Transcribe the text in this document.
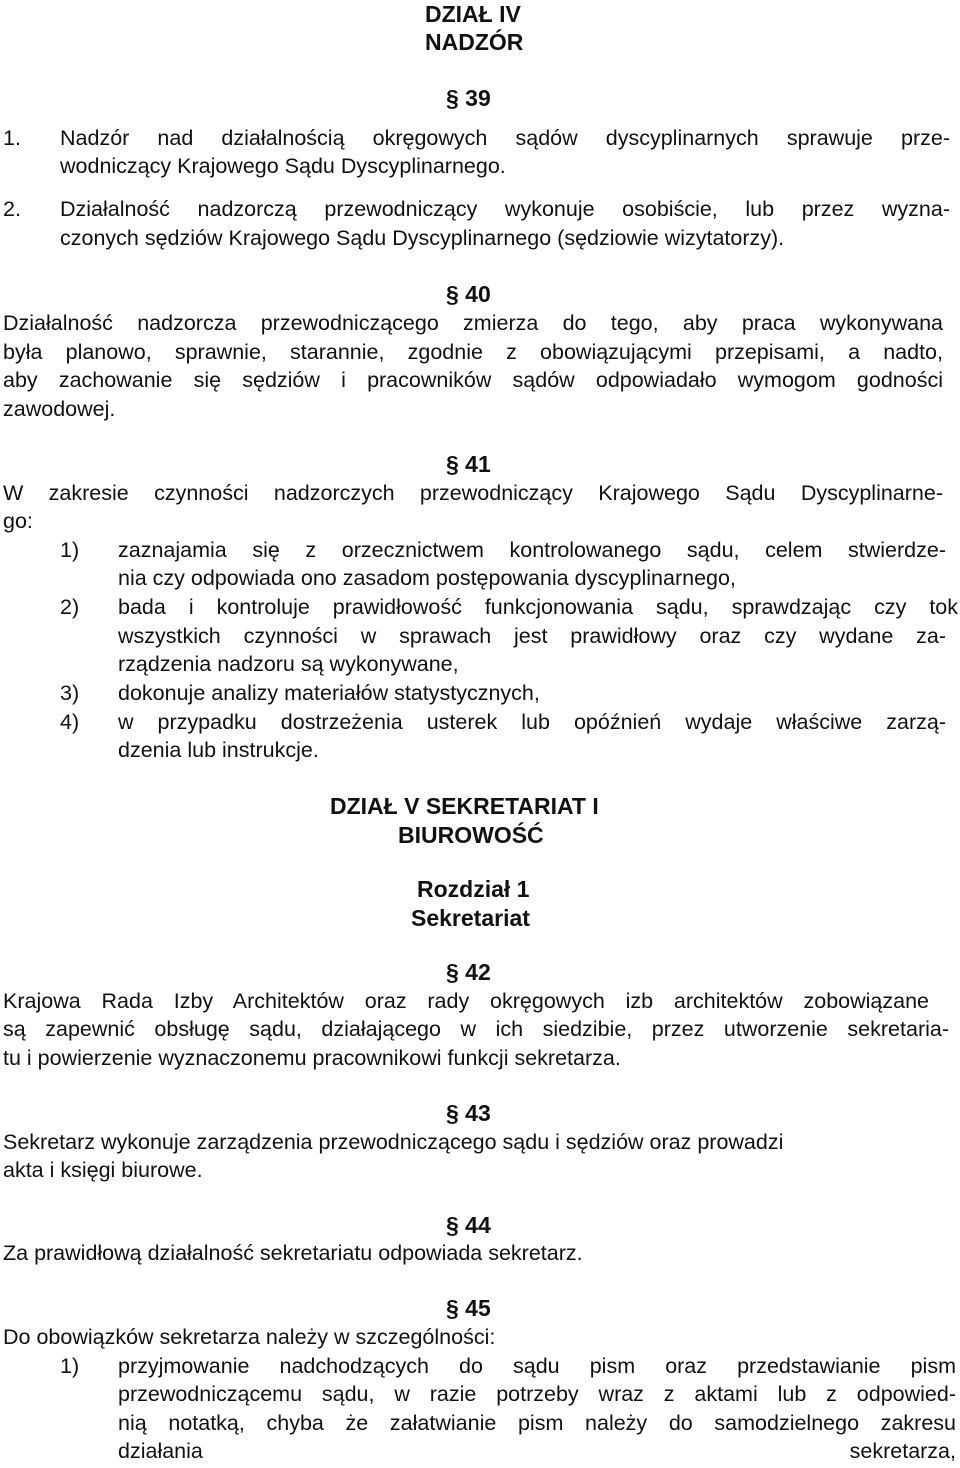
DZIAŁ IV
NADZÓR
§ 39
1. Nadzór nad działalnością okręgowych sądów dyscyplinarnych sprawuje prze-
wodniczący Krajowego Sądu Dyscyplinarnego.
2. Działalność nadzorczą przewodniczący wykonuje osobiście, lub przez wyzna-
czonych sędziów Krajowego Sądu Dyscyplinarnego (sędziowie wizytatorzy).
§ 40
Działalność nadzorcza przewodniczącego zmierza do tego, aby praca wykonywana
była planowo, sprawnie, starannie, zgodnie z obowiązującymi przepisami, a nadto,
aby zachowanie się sędziów i pracowników sądów odpowiadało wymogom godności
zawodowej.
§ 41
W zakresie czynności nadzorczych przewodniczący Krajowego Sądu Dyscyplinarne-
go:
1) zaznajamia się z orzecznictwem kontrolowanego sądu, celem stwierdze-
nia czy odpowiada ono zasadom postępowania dyscyplinarnego,
2) bada i kontroluje prawidłowość funkcjonowania sądu, sprawdzając czy tok
wszystkich czynności w sprawach jest prawidłowy oraz czy wydane za-
rządzenia nadzoru są wykonywane,
3) dokonuje analizy materiałów statystycznych,
4) w przypadku dostrzeżenia usterek lub opóźnień wydaje właściwe zarzą-
dzenia lub instrukcje.
DZIAŁ V SEKRETARIAT I
BIUROWOŚĆ
Rozdział 1
Sekretariat
§ 42
Krajowa Rada Izby Architektów oraz rady okręgowych izb architektów zobowiązane
są zapewnić obsługę sądu, działającego w ich siedzibie, przez utworzenie sekretaria-
tu i powierzenie wyznaczonemu pracownikowi funkcji sekretarza.
§ 43
Sekretarz wykonuje zarządzenia przewodniczącego sądu i sędziów oraz prowadzi
akta i księgi biurowe.
§ 44
Za prawidłową działalność sekretariatu odpowiada sekretarz.
§ 45
Do obowiązków sekretarza należy w szczególności:
1) przyjmowanie nadchodzących do sądu pism oraz przedstawianie pism
przewodniczącemu sądu, w razie potrzeby wraz z aktami lub z odpowied-
nią notatką, chyba że załatwianie pism należy do samodzielnego zakresu
działania	sekretarza,
